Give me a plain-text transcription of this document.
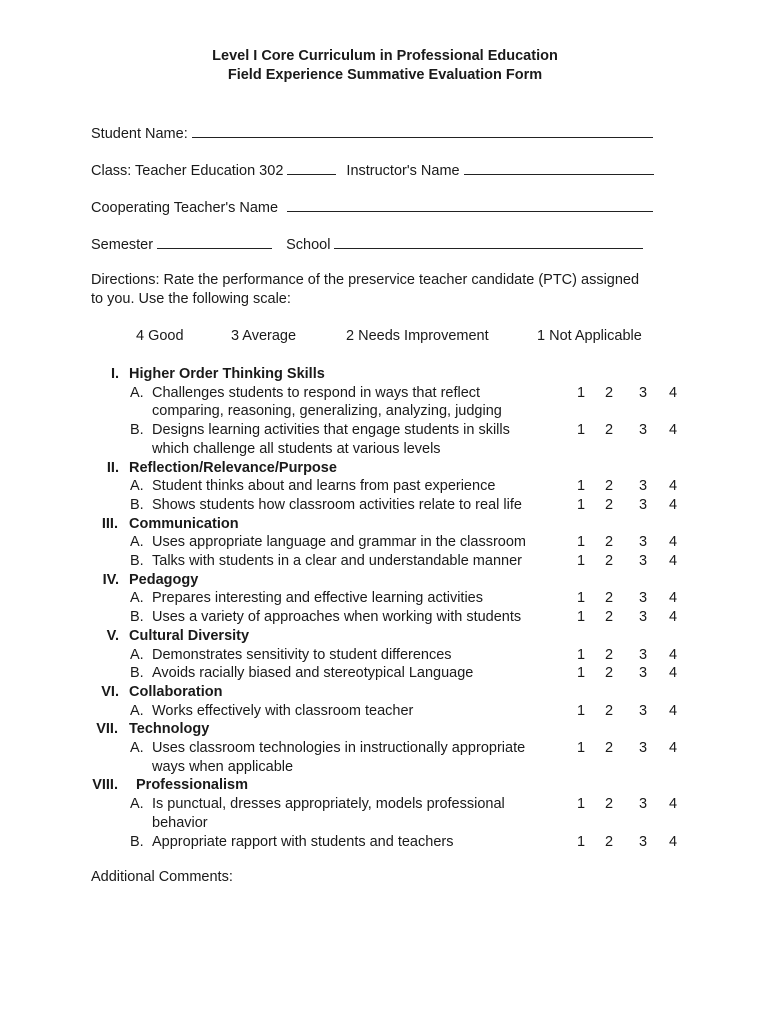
Level I Core Curriculum in Professional Education
Field Experience Summative Evaluation Form
Student Name:
Class: Teacher Education 302	Instructor's Name
Cooperating Teacher's Name
Semester	School
Directions: Rate the performance of the preservice teacher candidate (PTC) assigned
to you. Use the following scale:
4 Good	3 Average	2 Needs Improvement	1 Not Applicable
I. Higher Order Thinking Skills
A. Challenges students to respond in ways that reflect
comparing, reasoning, generalizing, analyzing, judging
1 2 3 4
B. Designs learning activities that engage students in skills
which challenge all students at various levels
1 2 3 4
II. Reflection/Relevance/Purpose
A. Student thinks about and learns from past experience	1 2 3 4
B. Shows students how classroom activities relate to real life	1 2 3 4
III. Communication
A. Uses appropriate language and grammar in the classroom	1 2 3 4
B. Talks with students in a clear and understandable manner	1 2 3 4
IV. Pedagogy
A. Prepares interesting and effective learning activities	1 2 3 4
B. Uses a variety of approaches when working with students	1 2 3 4
V. Cultural Diversity
A. Demonstrates sensitivity to student differences	1 2 3 4
B. Avoids racially biased and stereotypical Language	1 2 3 4
VI. Collaboration
A. Works effectively with classroom teacher	1 2 3 4
VII. Technology
A. Uses classroom technologies in instructionally appropriate
ways when applicable
1 2 3 4
VIII. Professionalism
A. Is punctual, dresses appropriately, models professional
behavior
1 2 3 4
B. Appropriate rapport with students and teachers	1 2 3 4
Additional Comments:
